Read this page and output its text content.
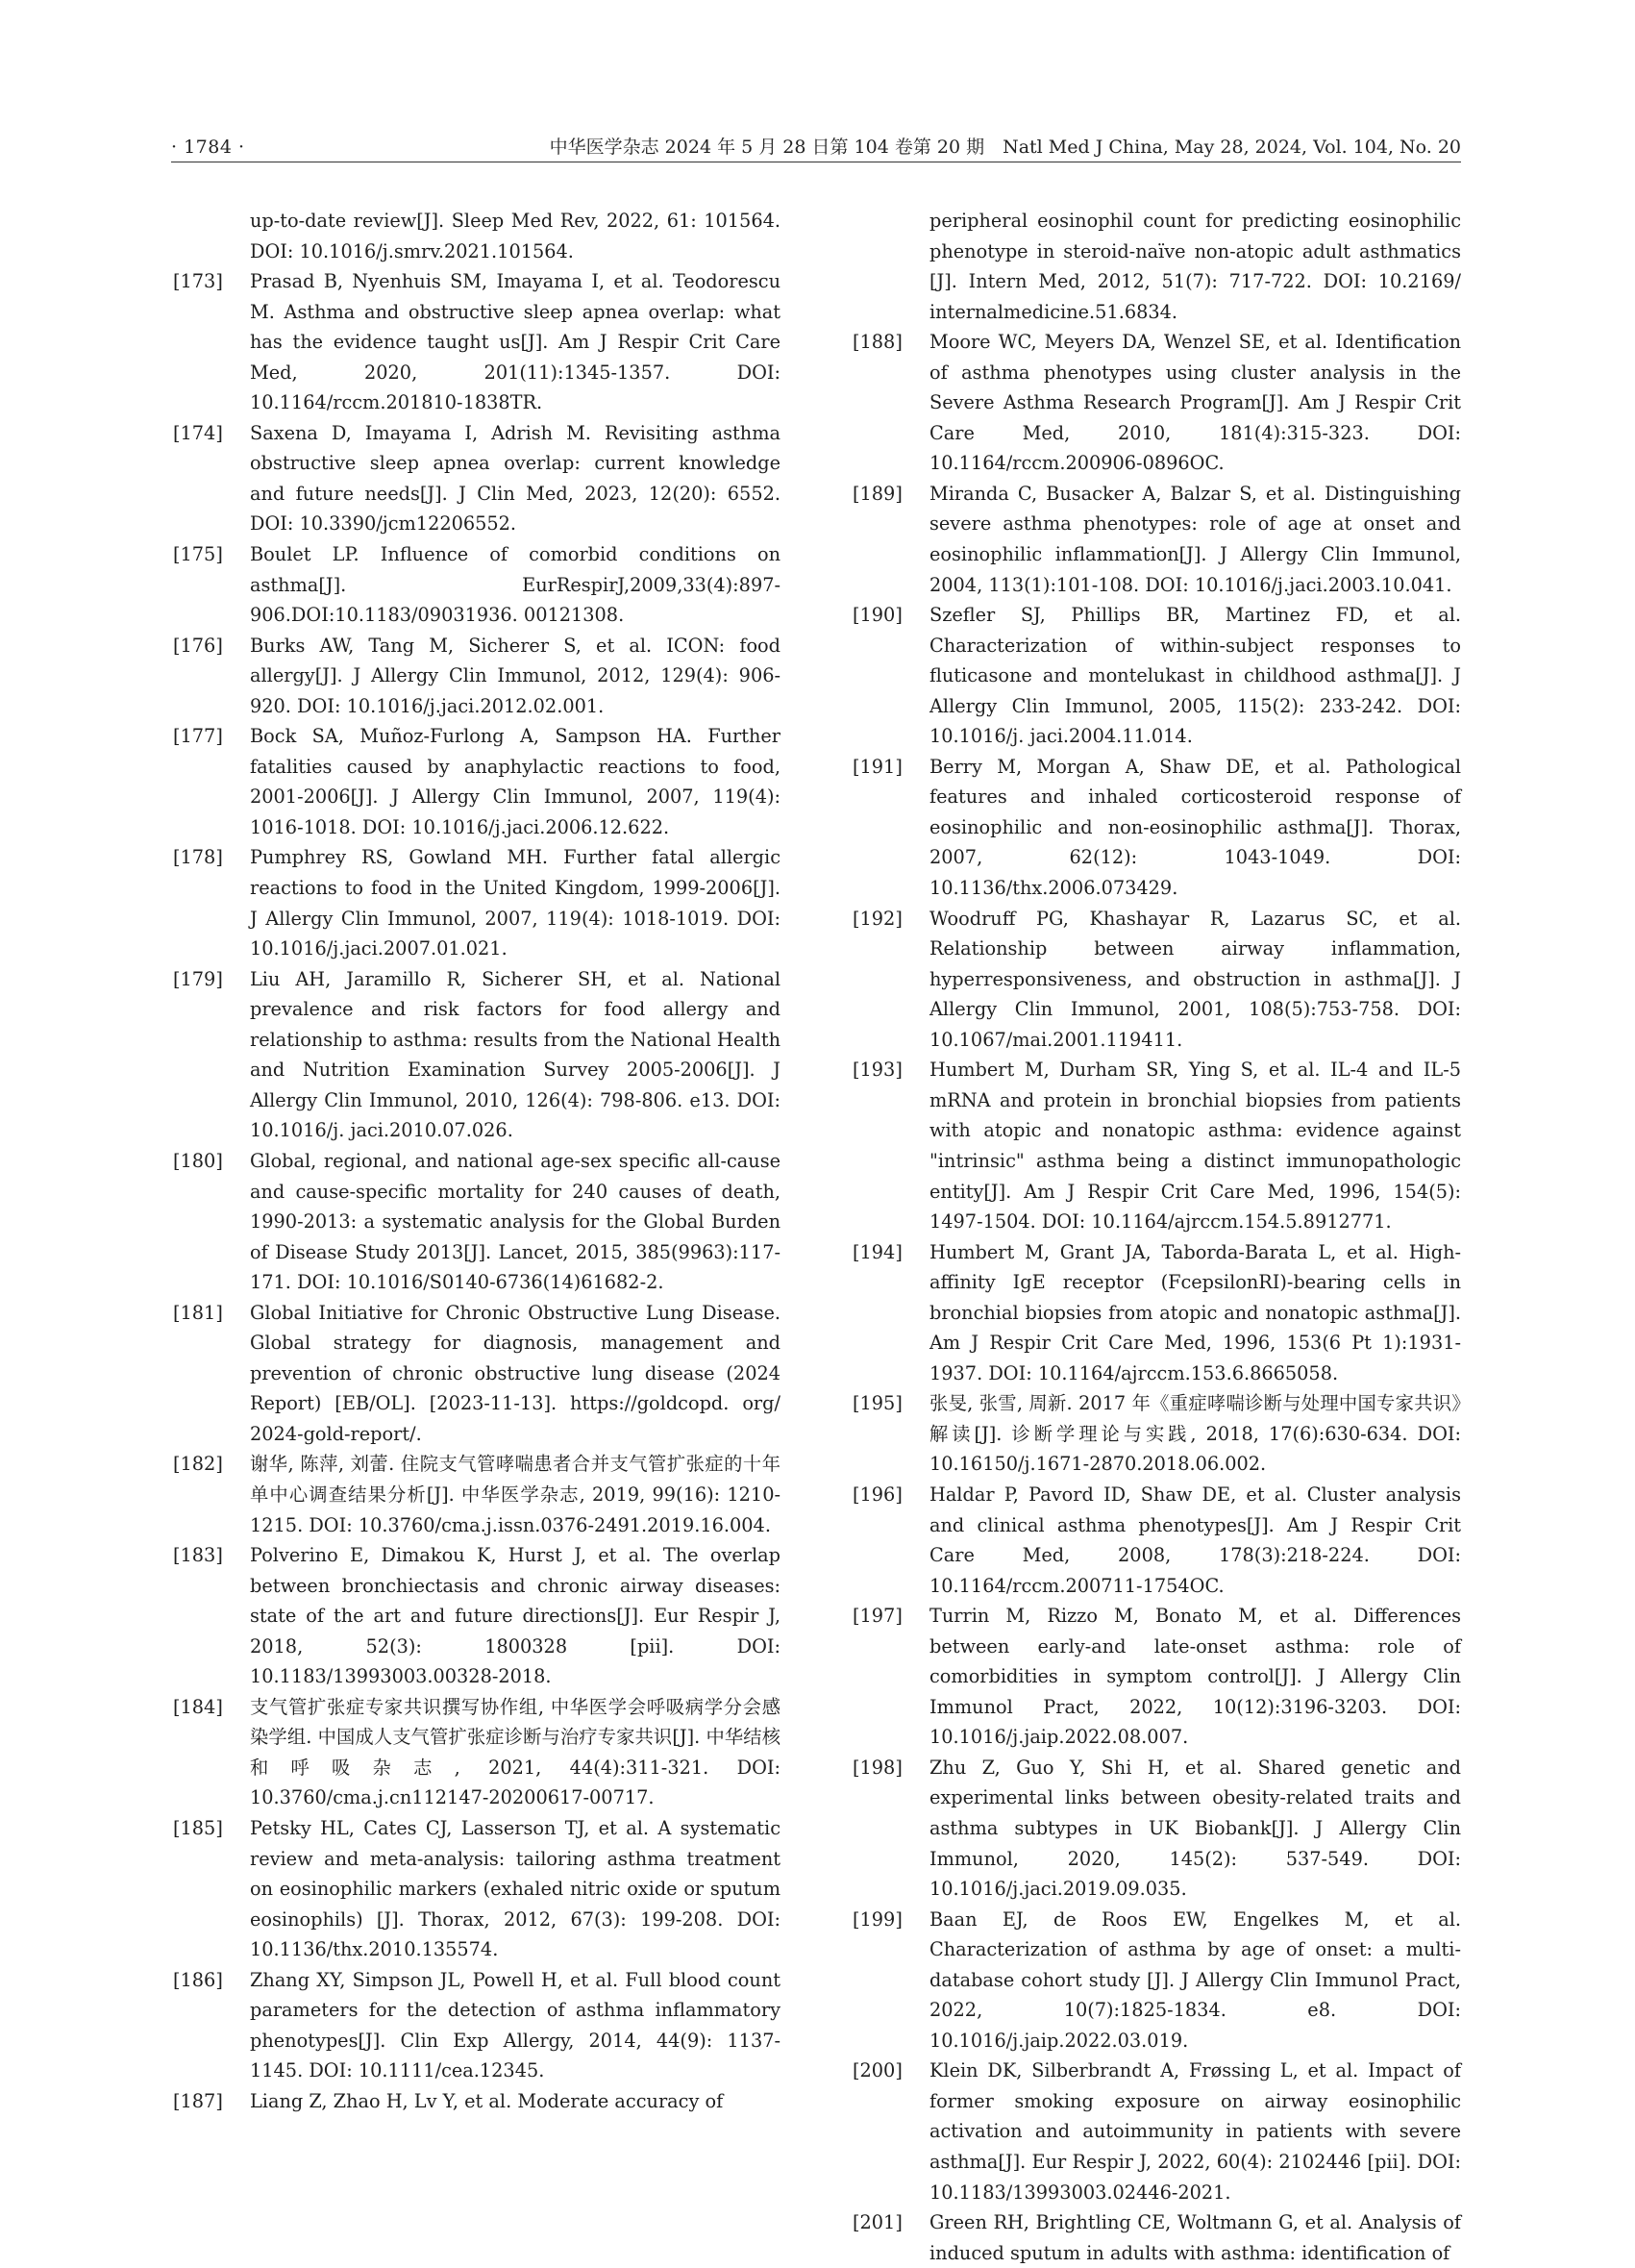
· 1784 ·	中华医学杂志 2024 年 5 月 28 日第 104 卷第 20 期　Natl Med J China, May 28, 2024, Vol. 104, No. 20
up-to-date review[J]. Sleep Med Rev, 2022, 61: 101564. DOI: 10.1016/j.smrv.2021.101564.
[173] Prasad B, Nyenhuis SM, Imayama I, et al. Teodorescu M. Asthma and obstructive sleep apnea overlap: what has the evidence taught us[J]. Am J Respir Crit Care Med, 2020, 201(11):1345-1357. DOI: 10.1164/rccm.201810-1838TR.
[174] Saxena D, Imayama I, Adrish M. Revisiting asthma obstructive sleep apnea overlap: current knowledge and future needs[J]. J Clin Med, 2023, 12(20): 6552. DOI: 10.3390/jcm12206552.
[175] Boulet LP. Influence of comorbid conditions on asthma[J]. EurRespirJ,2009,33(4):897-906.DOI:10.1183/09031936. 00121308.
[176] Burks AW, Tang M, Sicherer S, et al. ICON: food allergy[J]. J Allergy Clin Immunol, 2012, 129(4): 906-920. DOI: 10.1016/j.jaci.2012.02.001.
[177] Bock SA, Muñoz-Furlong A, Sampson HA. Further fatalities caused by anaphylactic reactions to food, 2001-2006[J]. J Allergy Clin Immunol, 2007, 119(4): 1016-1018. DOI: 10.1016/j.jaci.2006.12.622.
[178] Pumphrey RS, Gowland MH. Further fatal allergic reactions to food in the United Kingdom, 1999-2006[J]. J Allergy Clin Immunol, 2007, 119(4): 1018-1019. DOI: 10.1016/j.jaci.2007.01.021.
[179] Liu AH, Jaramillo R, Sicherer SH, et al. National prevalence and risk factors for food allergy and relationship to asthma: results from the National Health and Nutrition Examination Survey 2005-2006[J]. J Allergy Clin Immunol, 2010, 126(4): 798-806. e13. DOI: 10.1016/j. jaci.2010.07.026.
[180] Global, regional, and national age-sex specific all-cause and cause-specific mortality for 240 causes of death, 1990-2013: a systematic analysis for the Global Burden of Disease Study 2013[J]. Lancet, 2015, 385(9963):117-171. DOI: 10.1016/S0140-6736(14)61682-2.
[181] Global Initiative for Chronic Obstructive Lung Disease. Global strategy for diagnosis, management and prevention of chronic obstructive lung disease (2024 Report) [EB/OL]. [2023-11-13]. https://goldcopd. org/ 2024-gold-report/.
[182] 谢华, 陈萍, 刘蕾. 住院支气管哮喘患者合并支气管扩张症的十年单中心调查结果分析[J]. 中华医学杂志, 2019, 99(16): 1210-1215. DOI: 10.3760/cma.j.issn.0376-2491.2019.16.004.
[183] Polverino E, Dimakou K, Hurst J, et al. The overlap between bronchiectasis and chronic airway diseases: state of the art and future directions[J]. Eur Respir J, 2018, 52(3): 1800328 [pii]. DOI: 10.1183/13993003.00328-2018.
[184] 支气管扩张症专家共识撰写协作组, 中华医学会呼吸病学分会感染学组. 中国成人支气管扩张症诊断与治疗专家共识[J]. 中华结核和呼吸杂志, 2021, 44(4):311-321. DOI: 10.3760/cma.j.cn112147-20200617-00717.
[185] Petsky HL, Cates CJ, Lasserson TJ, et al. A systematic review and meta-analysis: tailoring asthma treatment on eosinophilic markers (exhaled nitric oxide or sputum eosinophils) [J]. Thorax, 2012, 67(3): 199-208. DOI: 10.1136/thx.2010.135574.
[186] Zhang XY, Simpson JL, Powell H, et al. Full blood count parameters for the detection of asthma inflammatory phenotypes[J]. Clin Exp Allergy, 2014, 44(9): 1137-1145. DOI: 10.1111/cea.12345.
[187] Liang Z, Zhao H, Lv Y, et al. Moderate accuracy of
peripheral eosinophil count for predicting eosinophilic phenotype in steroid-naïve non-atopic adult asthmatics [J]. Intern Med, 2012, 51(7): 717-722. DOI: 10.2169/ internalmedicine.51.6834.
[188] Moore WC, Meyers DA, Wenzel SE, et al. Identification of asthma phenotypes using cluster analysis in the Severe Asthma Research Program[J]. Am J Respir Crit Care Med, 2010, 181(4):315-323. DOI: 10.1164/rccm.200906-0896OC.
[189] Miranda C, Busacker A, Balzar S, et al. Distinguishing severe asthma phenotypes: role of age at onset and eosinophilic inflammation[J]. J Allergy Clin Immunol, 2004, 113(1):101-108. DOI: 10.1016/j.jaci.2003.10.041.
[190] Szefler SJ, Phillips BR, Martinez FD, et al. Characterization of within-subject responses to fluticasone and montelukast in childhood asthma[J]. J Allergy Clin Immunol, 2005, 115(2): 233-242. DOI: 10.1016/j. jaci.2004.11.014.
[191] Berry M, Morgan A, Shaw DE, et al. Pathological features and inhaled corticosteroid response of eosinophilic and non-eosinophilic asthma[J]. Thorax, 2007, 62(12): 1043-1049. DOI: 10.1136/thx.2006.073429.
[192] Woodruff PG, Khashayar R, Lazarus SC, et al. Relationship between airway inflammation, hyperresponsiveness, and obstruction in asthma[J]. J Allergy Clin Immunol, 2001, 108(5):753-758. DOI: 10.1067/mai.2001.119411.
[193] Humbert M, Durham SR, Ying S, et al. IL-4 and IL-5 mRNA and protein in bronchial biopsies from patients with atopic and nonatopic asthma: evidence against "intrinsic" asthma being a distinct immunopathologic entity[J]. Am J Respir Crit Care Med, 1996, 154(5): 1497-1504. DOI: 10.1164/ajrccm.154.5.8912771.
[194] Humbert M, Grant JA, Taborda-Barata L, et al. High-affinity IgE receptor (FcepsilonRI)-bearing cells in bronchial biopsies from atopic and nonatopic asthma[J]. Am J Respir Crit Care Med, 1996, 153(6 Pt 1):1931-1937. DOI: 10.1164/ajrccm.153.6.8665058.
[195] 张旻, 张雪, 周新. 2017 年《重症哮喘诊断与处理中国专家共识》解读[J]. 诊断学理论与实践, 2018, 17(6):630-634. DOI: 10.16150/j.1671-2870.2018.06.002.
[196] Haldar P, Pavord ID, Shaw DE, et al. Cluster analysis and clinical asthma phenotypes[J]. Am J Respir Crit Care Med, 2008, 178(3):218-224. DOI: 10.1164/rccm.200711-1754OC.
[197] Turrin M, Rizzo M, Bonato M, et al. Differences between early-and late-onset asthma: role of comorbidities in symptom control[J]. J Allergy Clin Immunol Pract, 2022, 10(12):3196-3203. DOI: 10.1016/j.jaip.2022.08.007.
[198] Zhu Z, Guo Y, Shi H, et al. Shared genetic and experimental links between obesity-related traits and asthma subtypes in UK Biobank[J]. J Allergy Clin Immunol, 2020, 145(2): 537-549. DOI: 10.1016/j.jaci.2019.09.035.
[199] Baan EJ, de Roos EW, Engelkes M, et al. Characterization of asthma by age of onset: a multi-database cohort study [J]. J Allergy Clin Immunol Pract, 2022, 10(7):1825-1834. e8. DOI: 10.1016/j.jaip.2022.03.019.
[200] Klein DK, Silberbrandt A, Frøssing L, et al. Impact of former smoking exposure on airway eosinophilic activation and autoimmunity in patients with severe asthma[J]. Eur Respir J, 2022, 60(4): 2102446 [pii]. DOI: 10.1183/13993003.02446-2021.
[201] Green RH, Brightling CE, Woltmann G, et al. Analysis of induced sputum in adults with asthma: identification of
